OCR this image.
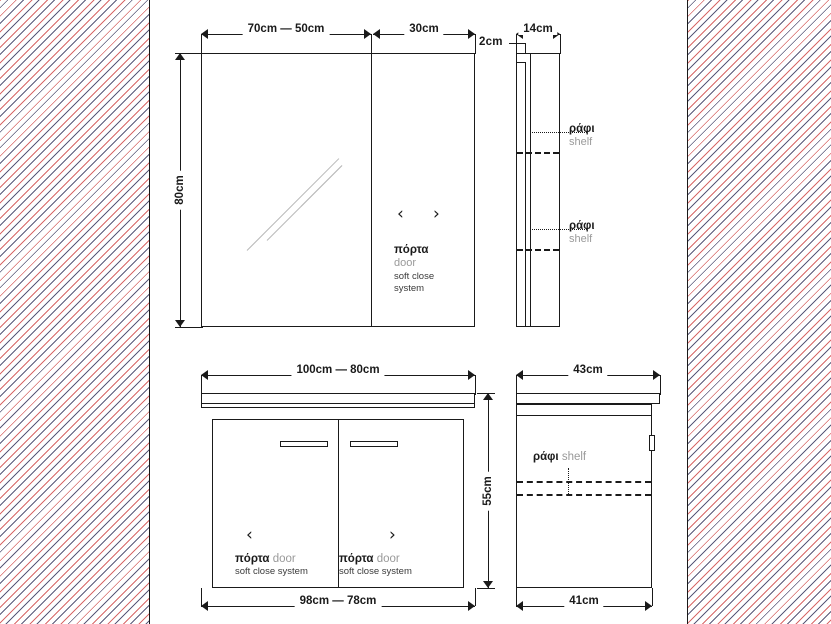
70cm — 50cm	30cm
80cm
‹ ›
πόρτα
door
soft close
system
14cm
2cm
ράφι
shelf
ράφι
shelf
100cm — 80cm
›
‹
πόρτα door
soft close system
πόρτα door
soft close system
98cm — 78cm
55cm
43cm
ράφι shelf
41cm
